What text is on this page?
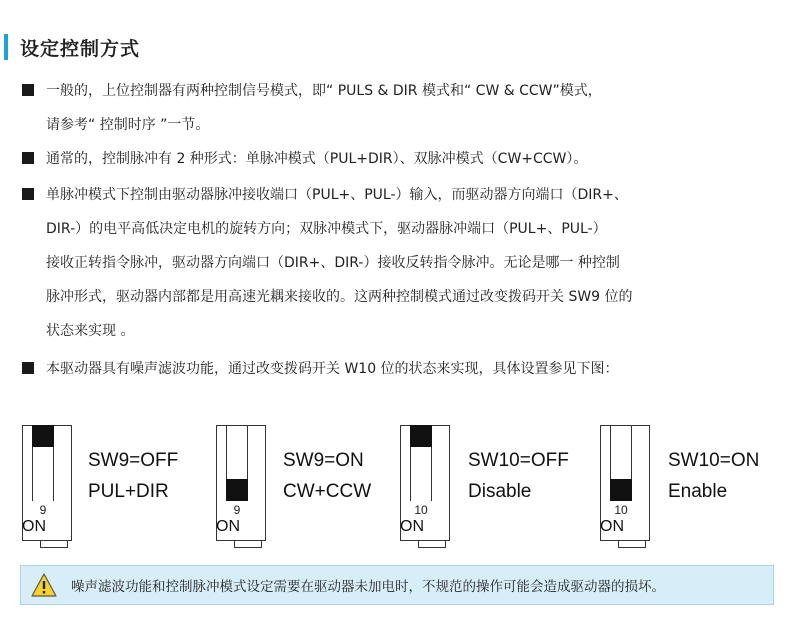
设定控制方式
一般的，上位控制器有两种控制信号模式，即“ PULS & DIR 模式和“ CW & CCW”模式，
请参考“ 控制时序 ”一节。
通常的，控制脉冲有 2 种形式：单脉冲模式（PUL+DIR）、双脉冲模式（CW+CCW）。
单脉冲模式下控制由驱动器脉冲接收端口（PUL+、PUL-）输入，而驱动器方向端口（DIR+、
DIR-）的电平高低决定电机的旋转方向；双脉冲模式下，驱动器脉冲端口（PUL+、PUL-）
接收正转指令脉冲，驱动器方向端口（DIR+、DIR-）接收反转指令脉冲。无论是哪一 种控制
脉冲形式，驱动器内部都是用高速光耦来接收的。这两种控制模式通过改变拨码开关 SW9 位的
状态来实现 。
本驱动器具有噪声滤波功能，通过改变拨码开关 W10 位的状态来实现，具体设置参见下图：
9
ON
SW9=OFF
PUL+DIR
9
ON
SW9=ON
CW+CCW
10
ON
SW10=OFF
Disable
10
ON
SW10=ON
Enable
噪声滤波功能和控制脉冲模式设定需要在驱动器未加电时，不规范的操作可能会造成驱动器的损坏。
